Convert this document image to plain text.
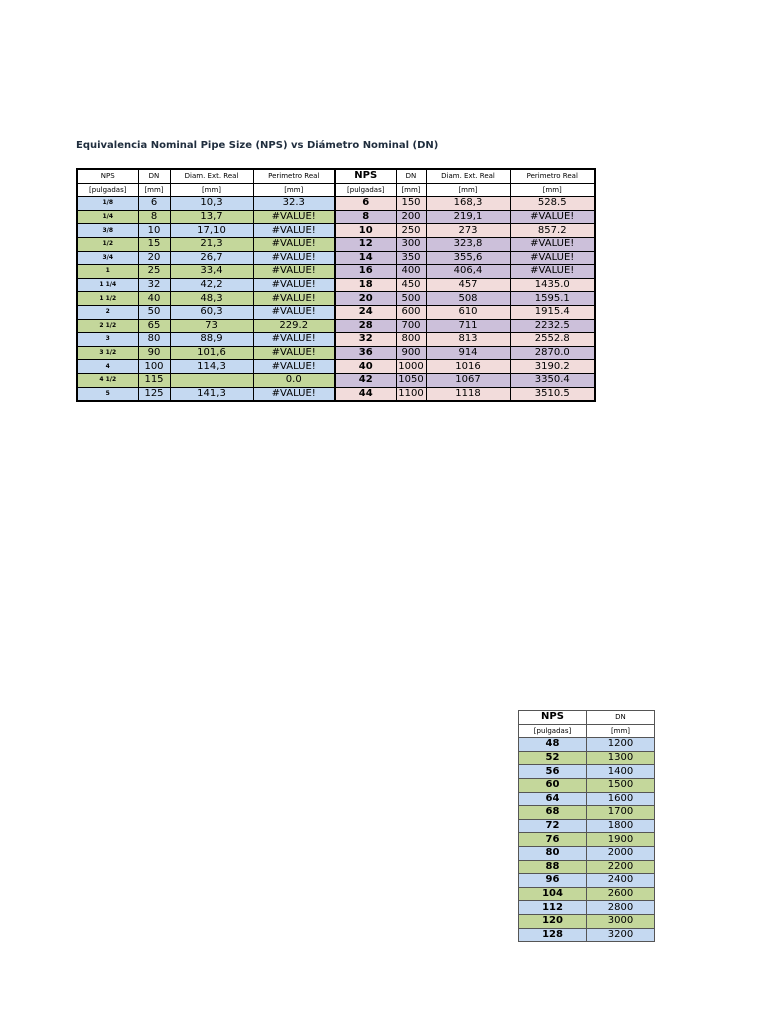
Equivalencia Nominal Pipe Size (NPS) vs Diámetro Nominal (DN)
NPS	DN	Diam. Ext. Real	Perimetro Real	NPS	DN	Diam. Ext. Real	Perimetro Real
[pulgadas]	[mm]	[mm]	[mm]	[pulgadas]	[mm]	[mm]	[mm]
1/8	6	10,3	32.3	6	150	168,3	528.5
1/4	8	13,7	#VALUE!	8	200	219,1	#VALUE!
3/8	10	17,10	#VALUE!	10	250	273	857.2
1/2	15	21,3	#VALUE!	12	300	323,8	#VALUE!
3/4	20	26,7	#VALUE!	14	350	355,6	#VALUE!
1	25	33,4	#VALUE!	16	400	406,4	#VALUE!
1 1/4	32	42,2	#VALUE!	18	450	457	1435.0
1 1/2	40	48,3	#VALUE!	20	500	508	1595.1
2	50	60,3	#VALUE!	24	600	610	1915.4
2 1/2	65	73	229.2	28	700	711	2232.5
3	80	88,9	#VALUE!	32	800	813	2552.8
3 1/2	90	101,6	#VALUE!	36	900	914	2870.0
4	100	114,3	#VALUE!	40	1000	1016	3190.2
4 1/2	115		0.0	42	1050	1067	3350.4
5	125	141,3	#VALUE!	44	1100	1118	3510.5
NPS	DN
[pulgadas]	[mm]
48	1200
52	1300
56	1400
60	1500
64	1600
68	1700
72	1800
76	1900
80	2000
88	2200
96	2400
104	2600
112	2800
120	3000
128	3200
